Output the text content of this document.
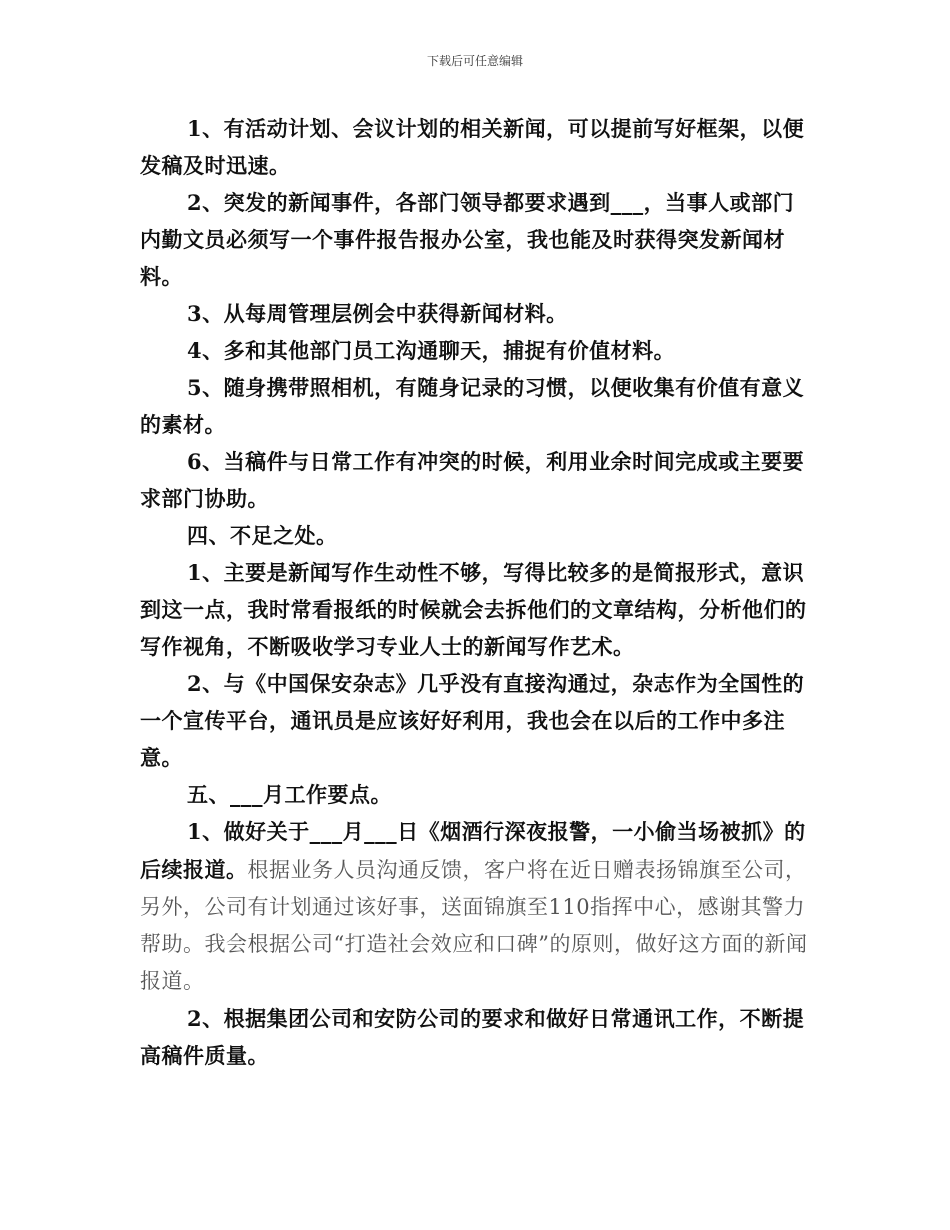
下载后可任意编辑

1、有活动计划、会议计划的相关新闻，可以提前写好框架，以便发稿及时迅速。

2、突发的新闻事件，各部门领导都要求遇到___，当事人或部门内勤文员必须写一个事件报告报办公室，我也能及时获得突发新闻材料。

3、从每周管理层例会中获得新闻材料。

4、多和其他部门员工沟通聊天，捕捉有价值材料。

5、随身携带照相机，有随身记录的习惯，以便收集有价值有意义的素材。

6、当稿件与日常工作有冲突的时候，利用业余时间完成或主要要求部门协助。

四、不足之处。

1、主要是新闻写作生动性不够，写得比较多的是简报形式，意识到这一点，我时常看报纸的时候就会去拆他们的文章结构，分析他们的写作视角，不断吸收学习专业人士的新闻写作艺术。

2、与《中国保安杂志》几乎没有直接沟通过，杂志作为全国性的一个宣传平台，通讯员是应该好好利用，我也会在以后的工作中多注意。

五、___月工作要点。

1、做好关于___月___日《烟酒行深夜报警，一小偷当场被抓》的后续报道。根据业务人员沟通反馈，客户将在近日赠表扬锦旗至公司，另外，公司有计划通过该好事，送面锦旗至110指挥中心，感谢其警力帮助。我会根据公司“打造社会效应和口碑”的原则，做好这方面的新闻报道。

2、根据集团公司和安防公司的要求和做好日常通讯工作，不断提高稿件质量。
